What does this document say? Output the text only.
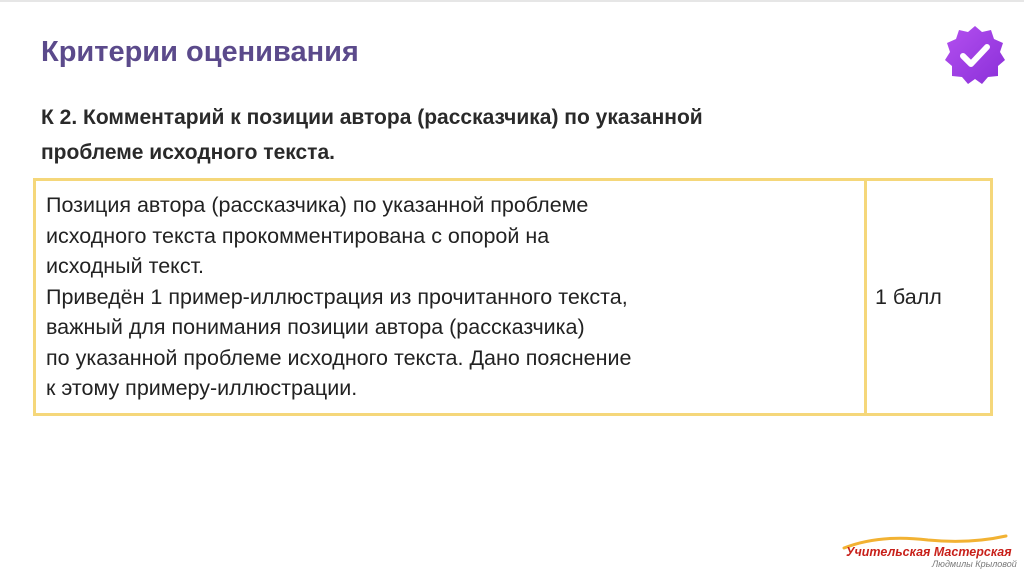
Критерии оценивания
К 2. Комментарий к позиции автора (рассказчика) по указанной
проблеме исходного текста.
Позиция автора (рассказчика) по указанной проблеме
исходного текста прокомментирована с опорой на
исходный текст.
Приведён 1 пример-иллюстрация из прочитанного текста,
важный для понимания позиции автора (рассказчика)
по указанной проблеме исходного текста. Дано пояснение
к этому примеру-иллюстрации.
	1 балл
Учительская Мастерская
Людмилы Крыловой
